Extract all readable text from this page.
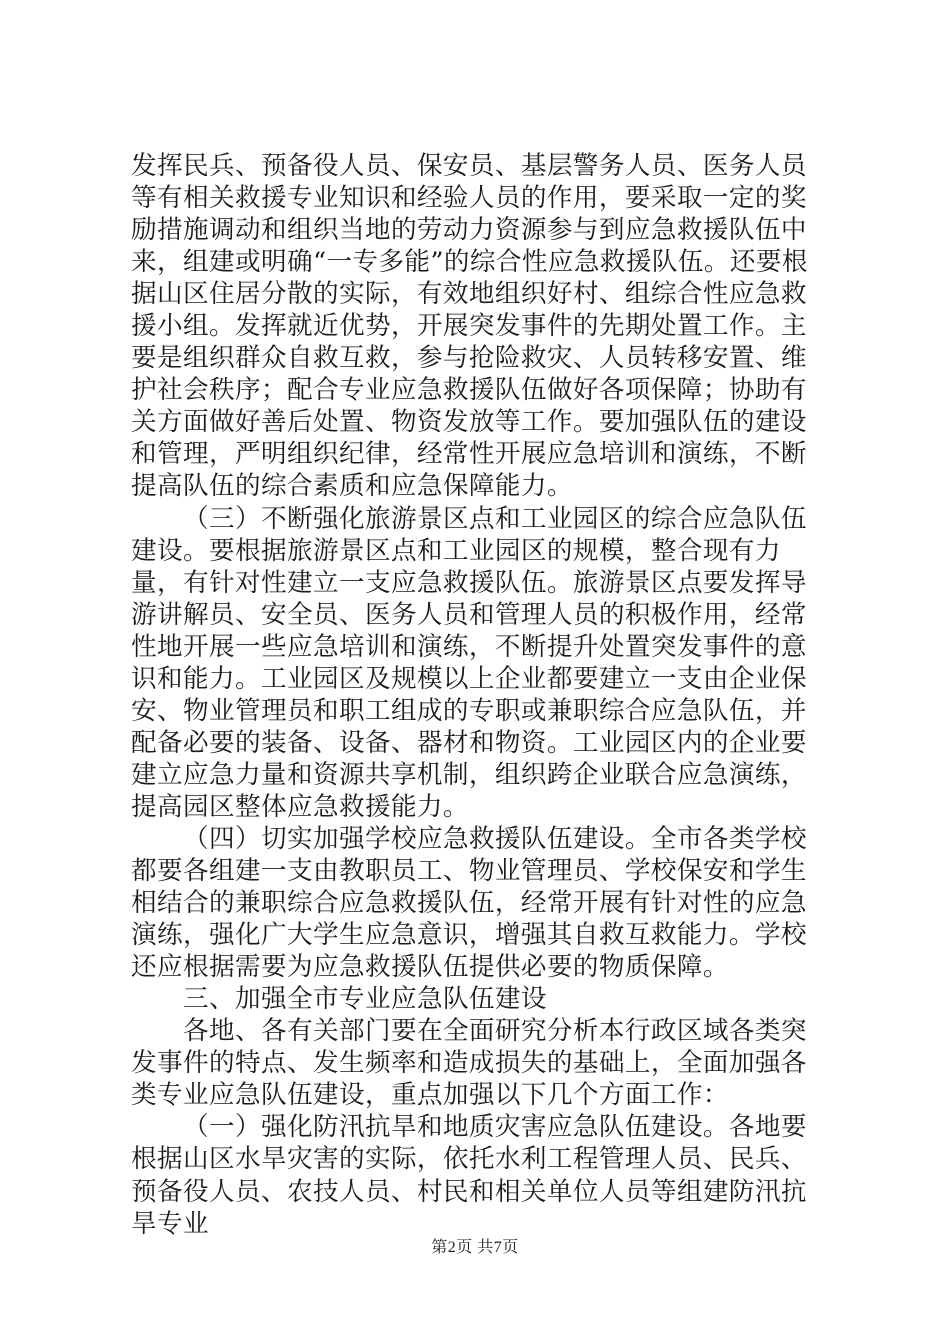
发挥民兵、预备役人员、保安员、基层警务人员、医务人员等有相关救援专业知识和经验人员的作用，要采取一定的奖励措施调动和组织当地的劳动力资源参与到应急救援队伍中来，组建或明确“一专多能”的综合性应急救援队伍。还要根据山区住居分散的实际，有效地组织好村、组综合性应急救援小组。发挥就近优势，开展突发事件的先期处置工作。主要是组织群众自救互救，参与抢险救灾、人员转移安置、维护社会秩序；配合专业应急救援队伍做好各项保障；协助有关方面做好善后处置、物资发放等工作。要加强队伍的建设和管理，严明组织纪律，经常性开展应急培训和演练，不断提高队伍的综合素质和应急保障能力。

（三）不断强化旅游景区点和工业园区的综合应急队伍建设。要根据旅游景区点和工业园区的规模，整合现有力量，有针对性建立一支应急救援队伍。旅游景区点要发挥导游讲解员、安全员、医务人员和管理人员的积极作用，经常性地开展一些应急培训和演练，不断提升处置突发事件的意识和能力。工业园区及规模以上企业都要建立一支由企业保安、物业管理员和职工组成的专职或兼职综合应急队伍，并配备必要的装备、设备、器材和物资。工业园区内的企业要建立应急力量和资源共享机制，组织跨企业联合应急演练，提高园区整体应急救援能力。

（四）切实加强学校应急救援队伍建设。全市各类学校都要各组建一支由教职员工、物业管理员、学校保安和学生相结合的兼职综合应急救援队伍，经常开展有针对性的应急演练，强化广大学生应急意识，增强其自救互救能力。学校还应根据需要为应急救援队伍提供必要的物质保障。

三、加强全市专业应急队伍建设

各地、各有关部门要在全面研究分析本行政区域各类突发事件的特点、发生频率和造成损失的基础上，全面加强各类专业应急队伍建设，重点加强以下几个方面工作：

（一）强化防汛抗旱和地质灾害应急队伍建设。各地要根据山区水旱灾害的实际，依托水利工程管理人员、民兵、预备役人员、农技人员、村民和相关单位人员等组建防汛抗旱专业

第2页 共7页
